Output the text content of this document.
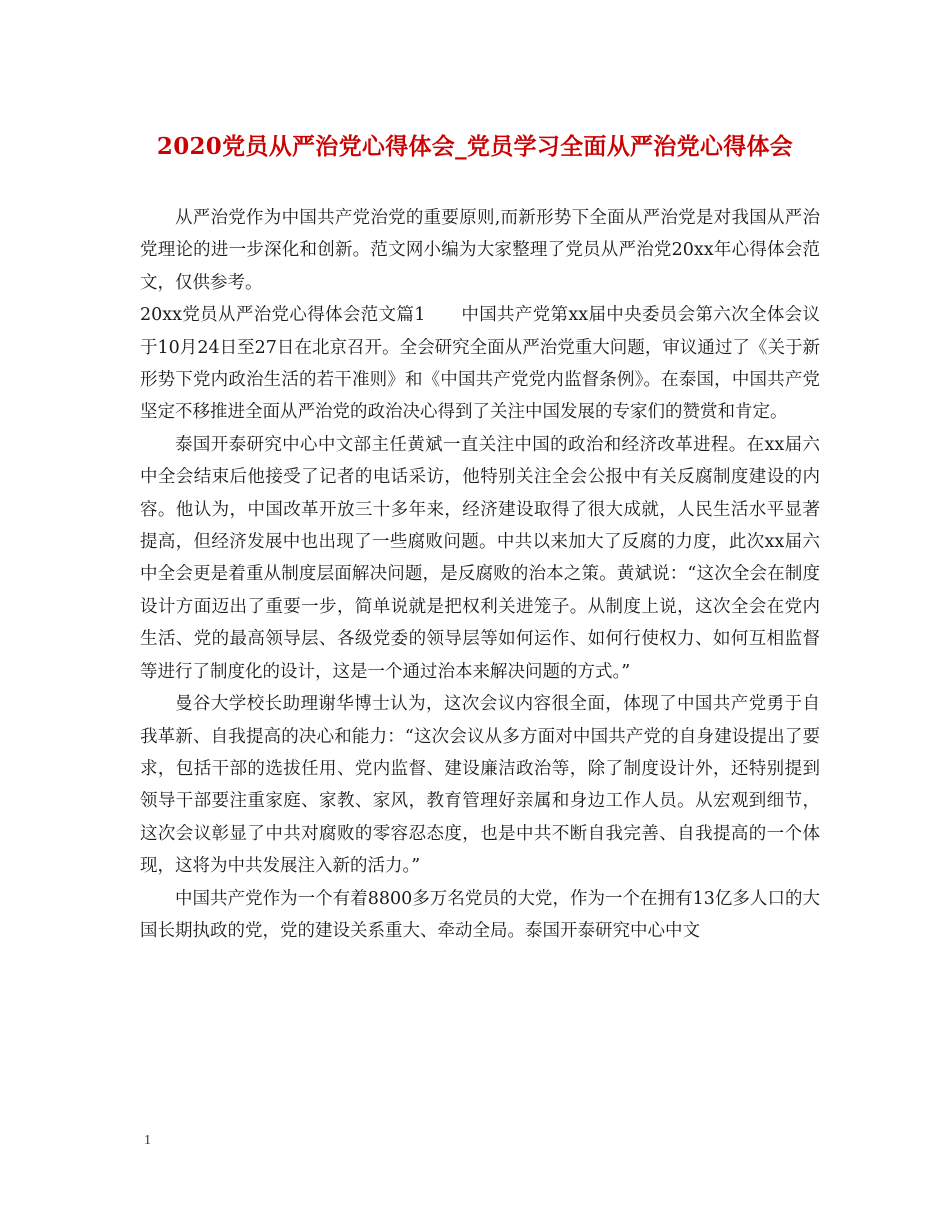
2020党员从严治党心得体会_党员学习全面从严治党心得体会

从严治党作为中国共产党治党的重要原则,而新形势下全面从严治党是对我国从严治党理论的进一步深化和创新。范文网小编为大家整理了党员从严治党20xx年心得体会范文，仅供参考。

20xx党员从严治党心得体会范文篇1　　中国共产党第xx届中央委员会第六次全体会议于10月24日至27日在北京召开。全会研究全面从严治党重大问题，审议通过了《关于新形势下党内政治生活的若干准则》和《中国共产党党内监督条例》。在泰国，中国共产党坚定不移推进全面从严治党的政治决心得到了关注中国发展的专家们的赞赏和肯定。

泰国开泰研究中心中文部主任黄斌一直关注中国的政治和经济改革进程。在xx届六中全会结束后他接受了记者的电话采访，他特别关注全会公报中有关反腐制度建设的内容。他认为，中国改革开放三十多年来，经济建设取得了很大成就，人民生活水平显著提高，但经济发展中也出现了一些腐败问题。中共以来加大了反腐的力度，此次xx届六中全会更是着重从制度层面解决问题，是反腐败的治本之策。黄斌说：“这次全会在制度设计方面迈出了重要一步，简单说就是把权利关进笼子。从制度上说，这次全会在党内生活、党的最高领导层、各级党委的领导层等如何运作、如何行使权力、如何互相监督等进行了制度化的设计，这是一个通过治本来解决问题的方式。”

曼谷大学校长助理谢华博士认为，这次会议内容很全面，体现了中国共产党勇于自我革新、自我提高的决心和能力：“这次会议从多方面对中国共产党的自身建设提出了要求，包括干部的选拔任用、党内监督、建设廉洁政治等，除了制度设计外，还特别提到领导干部要注重家庭、家教、家风，教育管理好亲属和身边工作人员。从宏观到细节，这次会议彰显了中共对腐败的零容忍态度，也是中共不断自我完善、自我提高的一个体现，这将为中共发展注入新的活力。”

中国共产党作为一个有着8800多万名党员的大党，作为一个在拥有13亿多人口的大国长期执政的党，党的建设关系重大、牵动全局。泰国开泰研究中心中文

1
